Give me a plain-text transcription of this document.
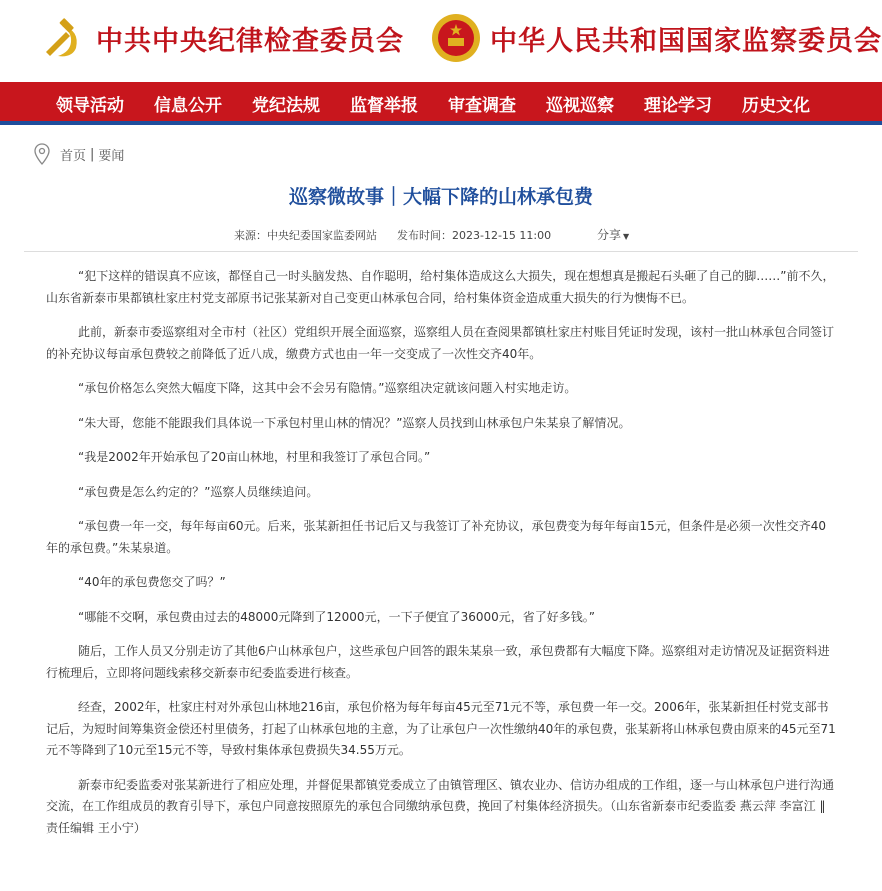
中共中央纪律检查委员会	中华人民共和国国家监察委员会
领导活动 信息公开 党纪法规 监督举报 审查调查 巡视巡察 理论学习 历史文化
首页 | 要闻
巡察微故事｜大幅下降的山林承包费
来源：中央纪委国家监委网站 发布时间：2023-12-15 11:00	分享 ▼

“犯下这样的错误真不应该，都怪自己一时头脑发热、自作聪明，给村集体造成这么大损失，现在想想真是搬起石头砸了自己的脚……”前不久，山东省新泰市果都镇杜家庄村党支部原书记张某新对自己变更山林承包合同，给村集体资金造成重大损失的行为懊悔不已。

此前，新泰市委巡察组对全市村（社区）党组织开展全面巡察，巡察组人员在查阅果都镇杜家庄村账目凭证时发现，该村一批山林承包合同签订的补充协议每亩承包费较之前降低了近八成，缴费方式也由一年一交变成了一次性交齐40年。

“承包价格怎么突然大幅度下降，这其中会不会另有隐情。”巡察组决定就该问题入村实地走访。

“朱大哥，您能不能跟我们具体说一下承包村里山林的情况？”巡察人员找到山林承包户朱某泉了解情况。

“我是2002年开始承包了20亩山林地，村里和我签订了承包合同。”

“承包费是怎么约定的？”巡察人员继续追问。

“承包费一年一交，每年每亩60元。后来，张某新担任书记后又与我签订了补充协议，承包费变为每年每亩15元，但条件是必须一次性交齐40年的承包费。”朱某泉道。

“40年的承包费您交了吗？”

“哪能不交啊，承包费由过去的48000元降到了12000元，一下子便宜了36000元，省了好多钱。”

随后，工作人员又分别走访了其他6户山林承包户，这些承包户回答的跟朱某泉一致，承包费都有大幅度下降。巡察组对走访情况及证据资料进行梳理后，立即将问题线索移交新泰市纪委监委进行核查。

经查，2002年，杜家庄村对外承包山林地216亩，承包价格为每年每亩45元至71元不等，承包费一年一交。2006年，张某新担任村党支部书记后，为短时间筹集资金偿还村里债务，打起了山林承包地的主意，为了让承包户一次性缴纳40年的承包费，张某新将山林承包费由原来的45元至71元不等降到了10元至15元不等，导致村集体承包费损失34.55万元。

新泰市纪委监委对张某新进行了相应处理，并督促果都镇党委成立了由镇管理区、镇农业办、信访办组成的工作组，逐一与山林承包户进行沟通交流，在工作组成员的教育引导下，承包户同意按照原先的承包合同缴纳承包费，挽回了村集体经济损失。（山东省新泰市纪委监委 燕云萍 李富江 ‖ 责任编辑 王小宁）
